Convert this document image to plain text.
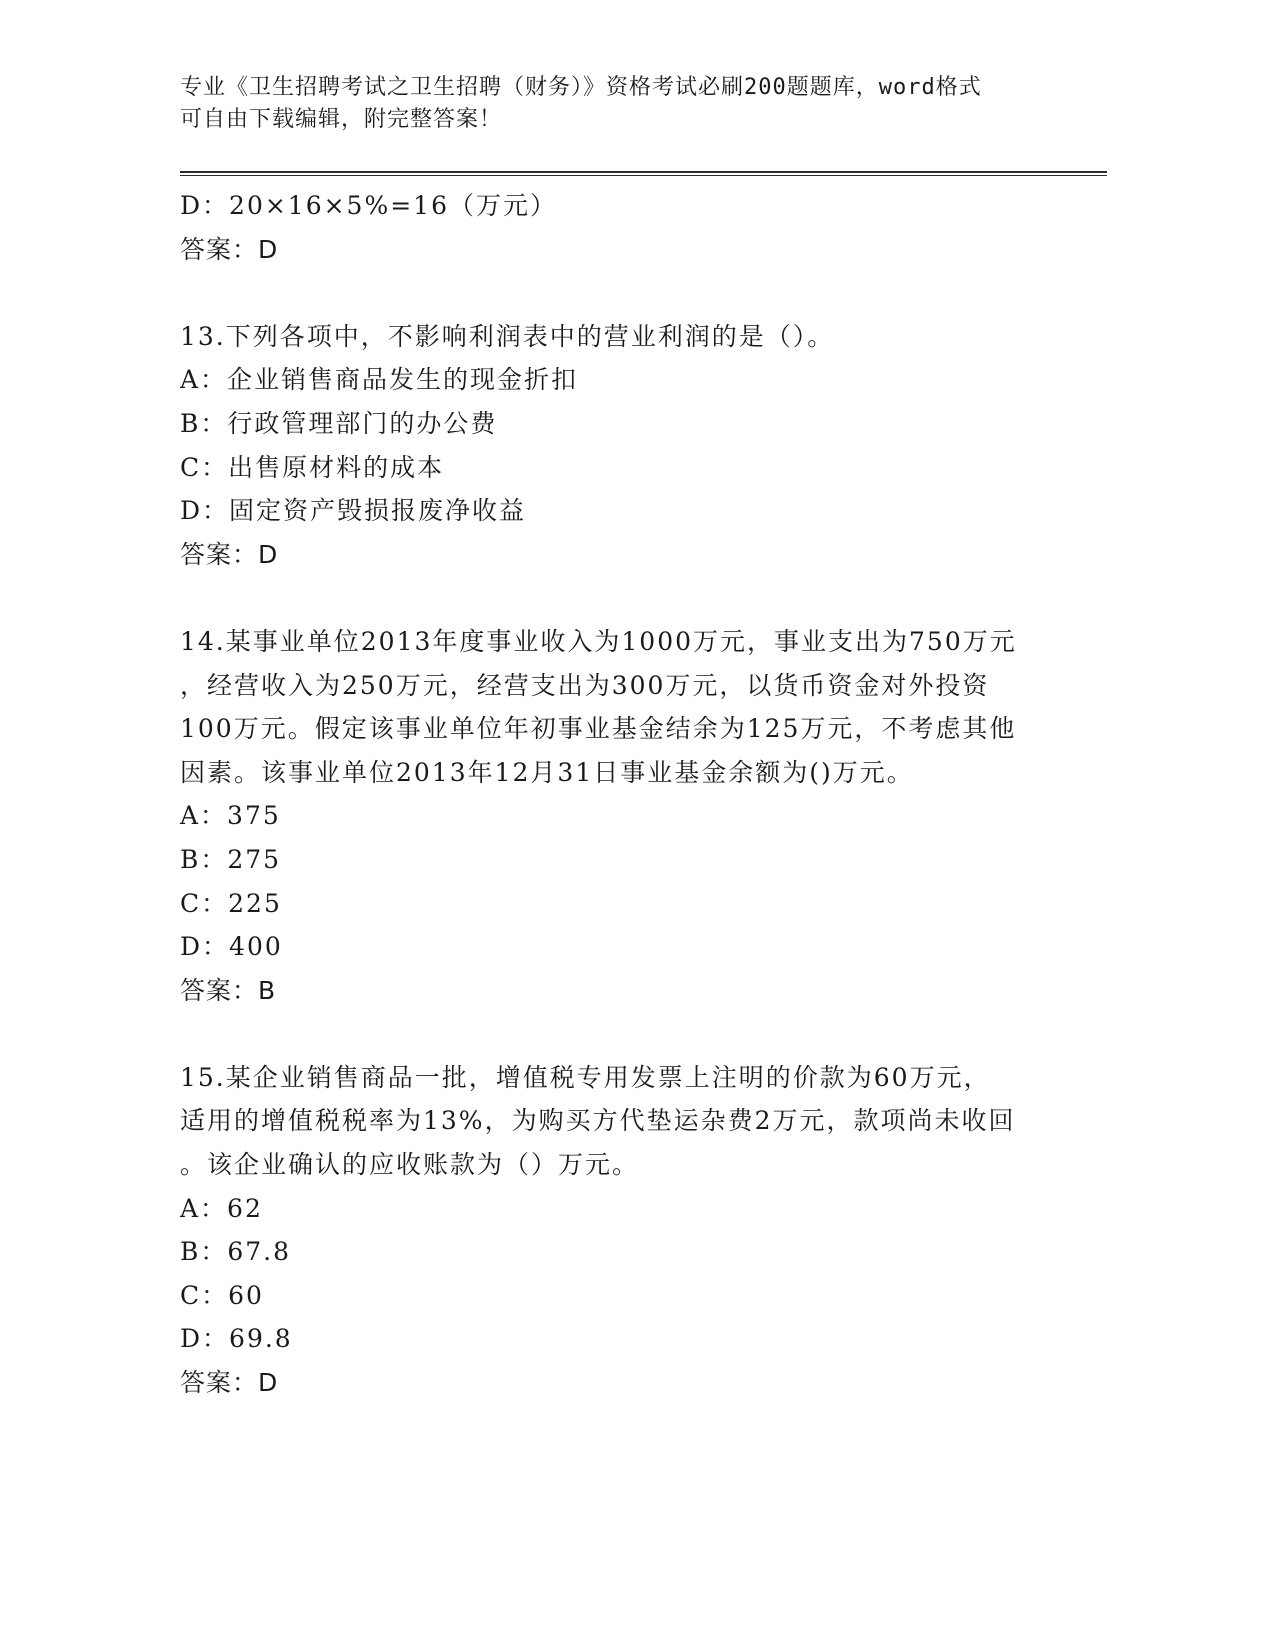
专业《卫生招聘考试之卫生招聘（财务）》资格考试必刷200题题库，word格式
可自由下载编辑，附完整答案！
D：20×16×5%=16（万元）
答案：D
13.下列各项中，不影响利润表中的营业利润的是（）。
A：企业销售商品发生的现金折扣
B：行政管理部门的办公费
C：出售原材料的成本
D：固定资产毁损报废净收益
答案：D
14.某事业单位2013年度事业收入为1000万元，事业支出为750万元
，经营收入为250万元，经营支出为300万元，以货币资金对外投资
100万元。假定该事业单位年初事业基金结余为125万元，不考虑其他
因素。该事业单位2013年12月31日事业基金余额为()万元。
A：375
B：275
C：225
D：400
答案：B
15.某企业销售商品一批，增值税专用发票上注明的价款为60万元，
适用的增值税税率为13%，为购买方代垫运杂费2万元，款项尚未收回
。该企业确认的应收账款为（）万元。
A：62
B：67.8
C：60
D：69.8
答案：D
